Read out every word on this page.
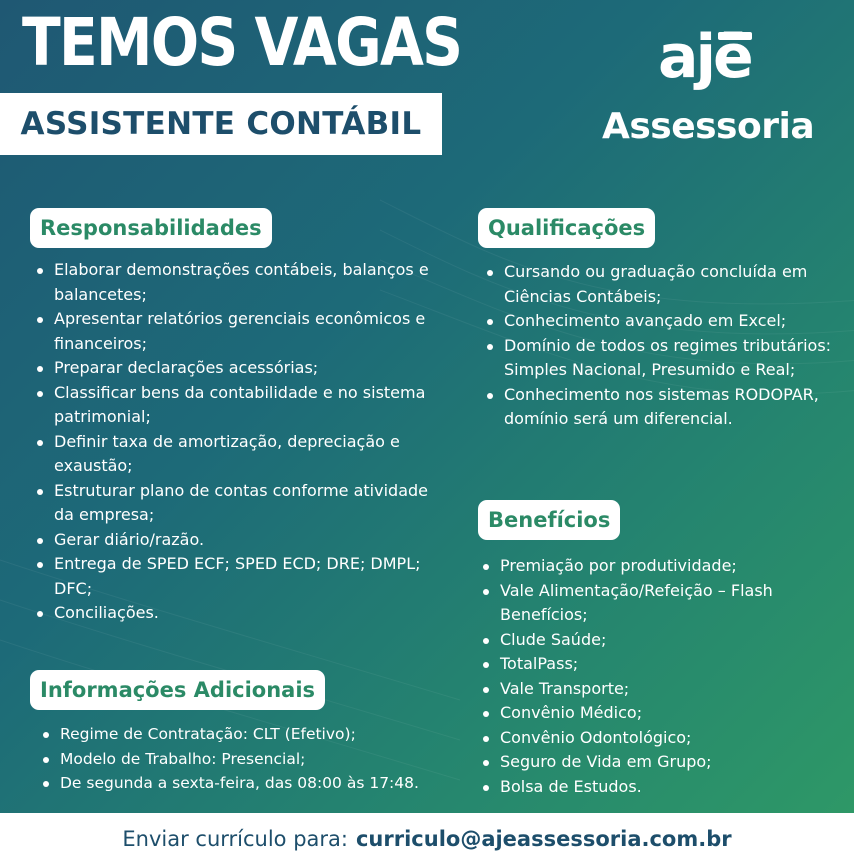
TEMOS VAGAS
ASSISTENTE CONTÁBIL
ajē
Assessoria
Responsabilidades
Elaborar demonstrações contábeis, balanços e balancetes;
Apresentar relatórios gerenciais econômicos e financeiros;
Preparar declarações acessórias;
Classificar bens da contabilidade e no sistema patrimonial;
Definir taxa de amortização, depreciação e exaustão;
Estruturar plano de contas conforme atividade da empresa;
Gerar diário/razão.
Entrega de SPED ECF; SPED ECD; DRE; DMPL; DFC;
Conciliações.
Informações Adicionais
Regime de Contratação: CLT (Efetivo);
Modelo de Trabalho: Presencial;
De segunda a sexta-feira, das 08:00 às 17:48.
Qualificações
Cursando ou graduação concluída em Ciências Contábeis;
Conhecimento avançado em Excel;
Domínio de todos os regimes tributários: Simples Nacional, Presumido e Real;
Conhecimento nos sistemas RODOPAR, domínio será um diferencial.
Benefícios
Premiação por produtividade;
Vale Alimentação/Refeição – Flash Benefícios;
Clude Saúde;
TotalPass;
Vale Transporte;
Convênio Médico;
Convênio Odontológico;
Seguro de Vida em Grupo;
Bolsa de Estudos.
Enviar currículo para: curriculo@ajeassessoria.com.br
